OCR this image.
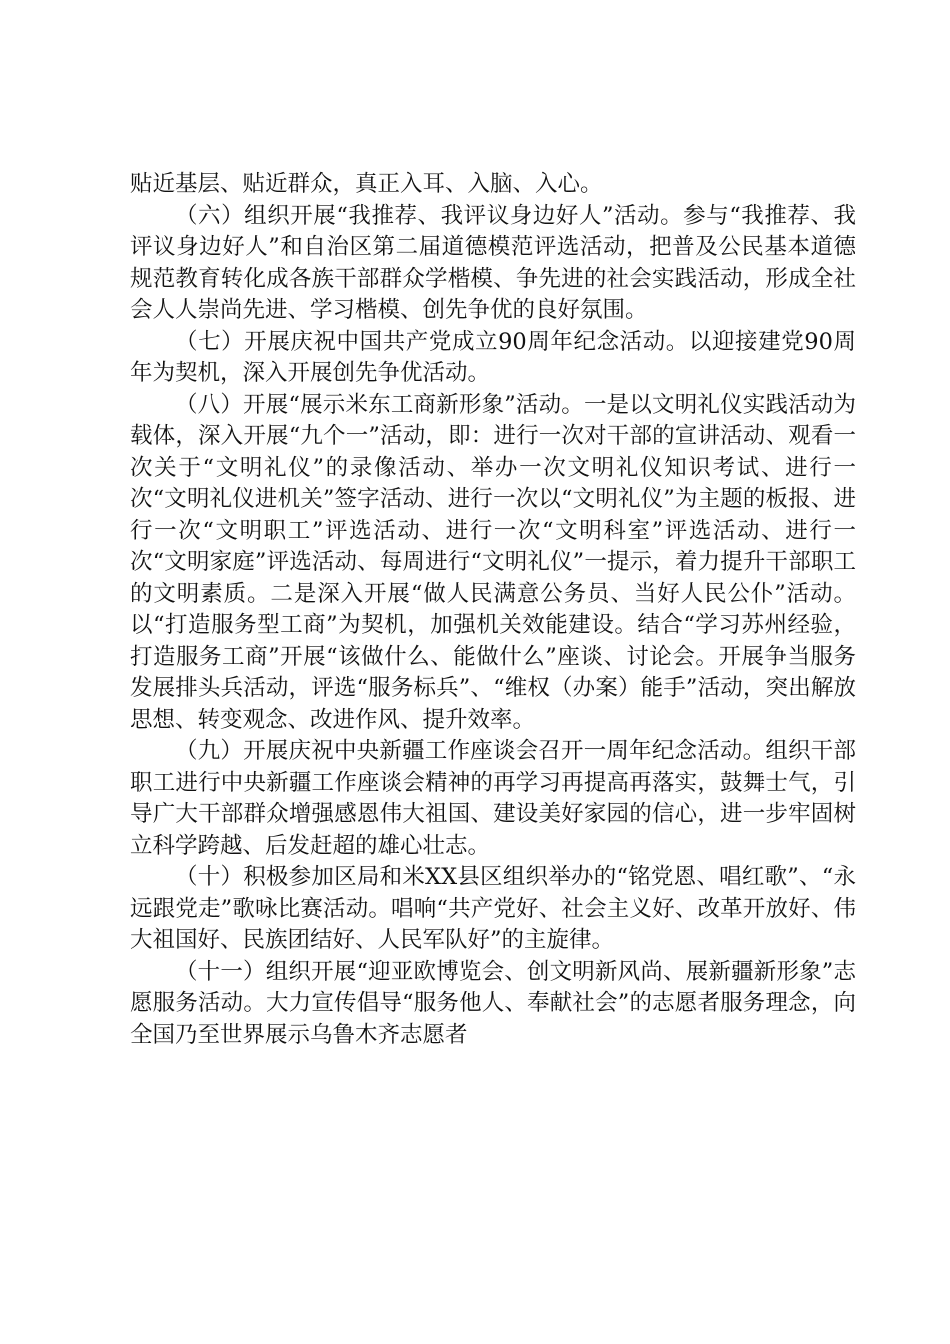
贴近基层、贴近群众，真正入耳、入脑、入心。

（六）组织开展“我推荐、我评议身边好人”活动。参与“我推荐、我评议身边好人”和自治区第二届道德模范评选活动，把普及公民基本道德规范教育转化成各族干部群众学楷模、争先进的社会实践活动，形成全社会人人崇尚先进、学习楷模、创先争优的良好氛围。

（七）开展庆祝中国共产党成立90周年纪念活动。以迎接建党90周年为契机，深入开展创先争优活动。

（八）开展“展示米东工商新形象”活动。一是以文明礼仪实践活动为载体，深入开展“九个一”活动，即：进行一次对干部的宣讲活动、观看一次关于“文明礼仪”的录像活动、举办一次文明礼仪知识考试、进行一次“文明礼仪进机关”签字活动、进行一次以“文明礼仪”为主题的板报、进行一次“文明职工”评选活动、进行一次“文明科室”评选活动、进行一次“文明家庭”评选活动、每周进行“文明礼仪”一提示，着力提升干部职工的文明素质。二是深入开展“做人民满意公务员、当好人民公仆”活动。以“打造服务型工商”为契机，加强机关效能建设。结合“学习苏州经验，打造服务工商”开展“该做什么、能做什么”座谈、讨论会。开展争当服务发展排头兵活动，评选“服务标兵”、“维权（办案）能手”活动，突出解放思想、转变观念、改进作风、提升效率。

（九）开展庆祝中央新疆工作座谈会召开一周年纪念活动。组织干部职工进行中央新疆工作座谈会精神的再学习再提高再落实，鼓舞士气，引导广大干部群众增强感恩伟大祖国、建设美好家园的信心，进一步牢固树立科学跨越、后发赶超的雄心壮志。

（十）积极参加区局和米XX县区组织举办的“铭党恩、唱红歌”、“永远跟党走”歌咏比赛活动。唱响“共产党好、社会主义好、改革开放好、伟大祖国好、民族团结好、人民军队好”的主旋律。

（十一）组织开展“迎亚欧博览会、创文明新风尚、展新疆新形象”志愿服务活动。大力宣传倡导“服务他人、奉献社会”的志愿者服务理念，向全国乃至世界展示乌鲁木齐志愿者
